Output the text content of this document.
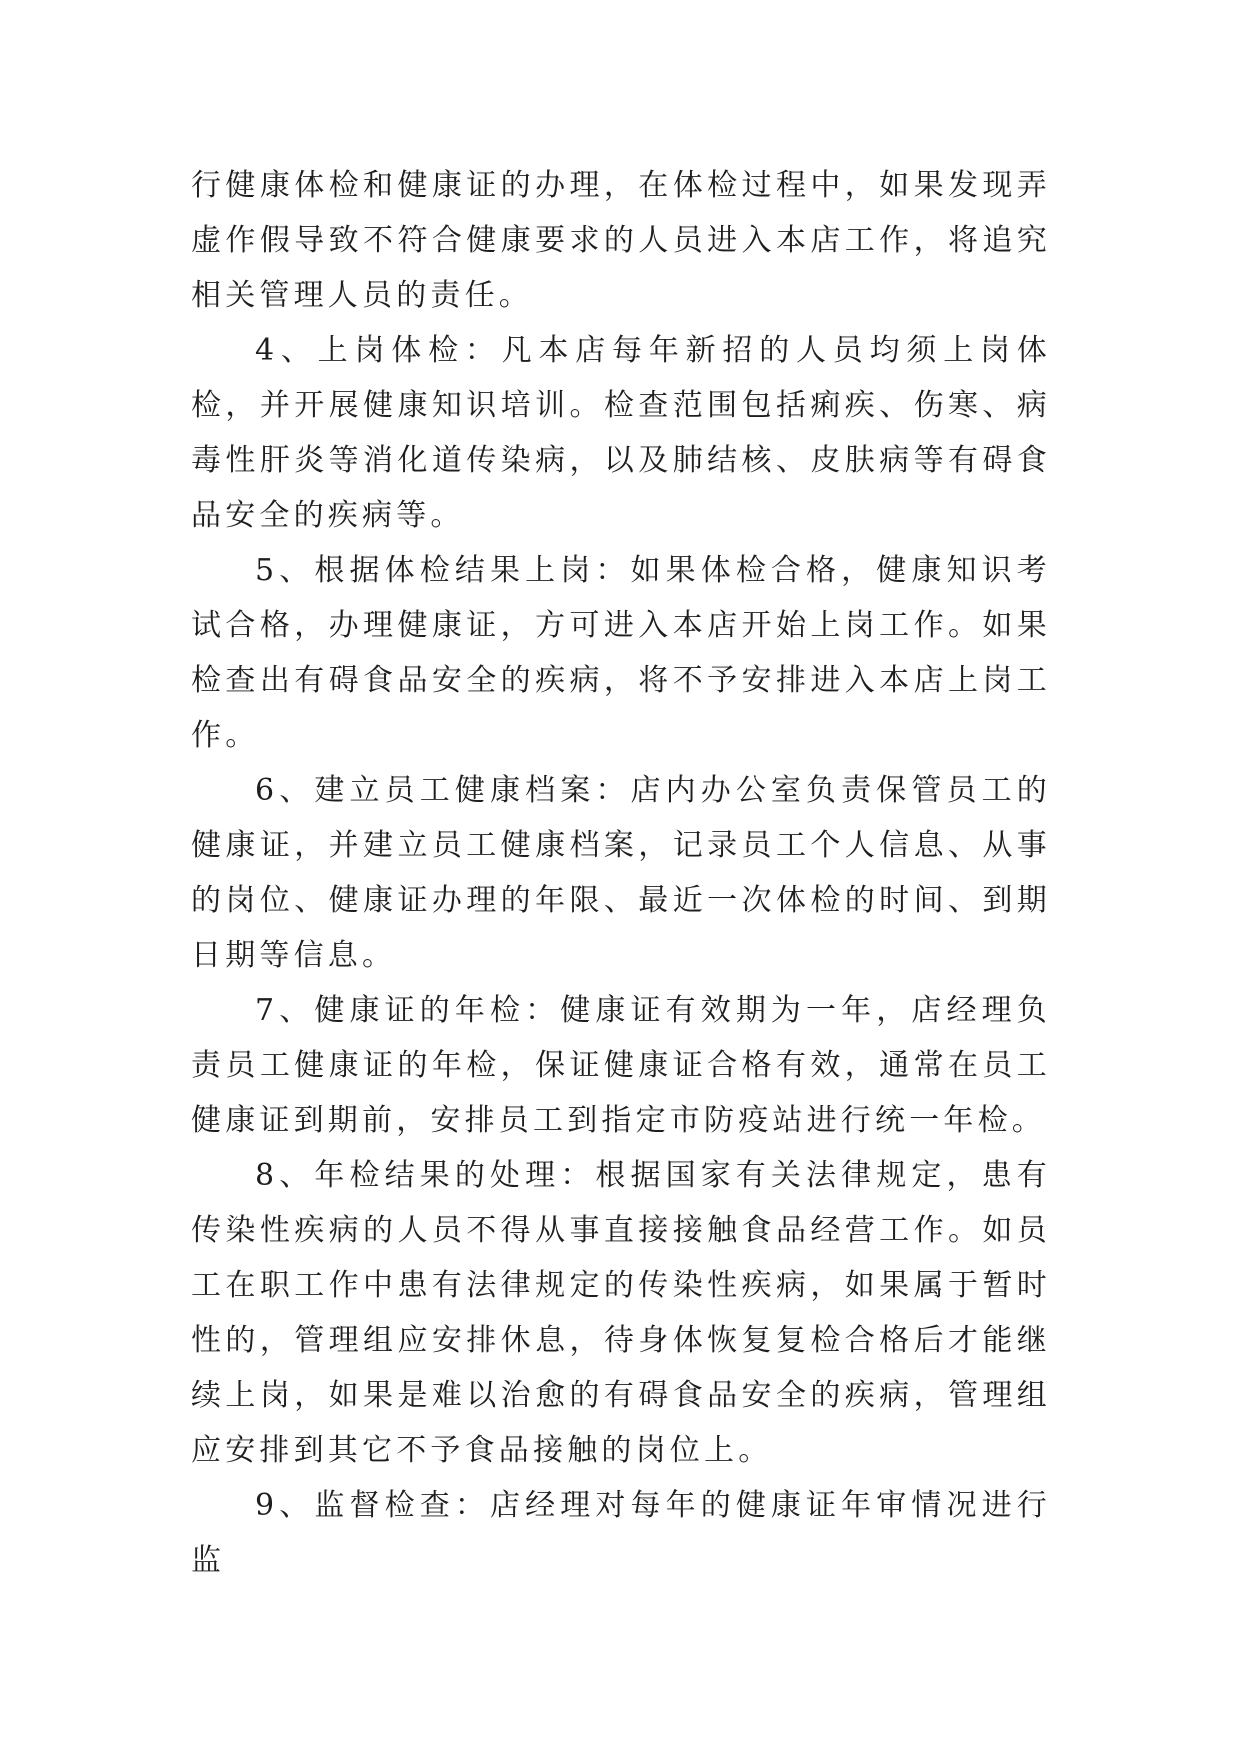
行健康体检和健康证的办理，在体检过程中，如果发现弄虚作假导致不符合健康要求的人员进入本店工作，将追究相关管理人员的责任。

4、上岗体检：凡本店每年新招的人员均须上岗体检，并开展健康知识培训。检查范围包括痢疾、伤寒、病毒性肝炎等消化道传染病，以及肺结核、皮肤病等有碍食品安全的疾病等。

5、根据体检结果上岗：如果体检合格，健康知识考试合格，办理健康证，方可进入本店开始上岗工作。如果检查出有碍食品安全的疾病，将不予安排进入本店上岗工作。

6、建立员工健康档案：店内办公室负责保管员工的健康证，并建立员工健康档案，记录员工个人信息、从事的岗位、健康证办理的年限、最近一次体检的时间、到期日期等信息。

7、健康证的年检：健康证有效期为一年，店经理负责员工健康证的年检，保证健康证合格有效，通常在员工健康证到期前，安排员工到指定市防疫站进行统一年检。

8、年检结果的处理：根据国家有关法律规定，患有传染性疾病的人员不得从事直接接触食品经营工作。如员工在职工作中患有法律规定的传染性疾病，如果属于暂时性的，管理组应安排休息，待身体恢复复检合格后才能继续上岗，如果是难以治愈的有碍食品安全的疾病，管理组应安排到其它不予食品接触的岗位上。

9、监督检查：店经理对每年的健康证年审情况进行监
